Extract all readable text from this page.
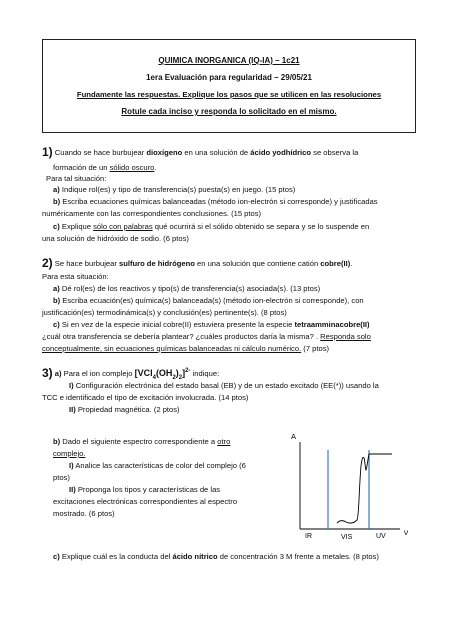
QUIMICA INORGANICA (IQ-IA) – 1c21
1era Evaluación para regularidad – 29/05/21
Fundamente las respuestas. Explique los pasos que se utilicen en las resoluciones
Rotule cada inciso y responda lo solicitado en el mismo.
1) Cuando se hace burbujear dioxígeno en una solución de ácido yodhídrico se observa la
formación de un sólido oscuro.
Para tal situación:
a) Indique rol(es) y tipo de transferencia(s) puesta(s) en juego. (15 ptos)
b) Escriba ecuaciones químicas balanceadas (método ion-electrón si corresponde) y justificadas
numéricamente con las correspondientes conclusiones. (15 ptos)
c) Explique sólo con palabras qué ocurrirá si el sólido obtenido se separa y se lo suspende en
una solución de hidróxido de sodio. (6 ptos)
2) Se hace burbujear sulfuro de hidrógeno en una solución que contiene catión cobre(II).
Para esta situación:
a) Dé rol(es) de los reactivos y tipo(s) de transferencia(s) asociada(s). (13 ptos)
b) Escriba ecuación(es) química(s) balanceada(s) (método ion-electrón si corresponde), con
justificación(es) termodinámica(s) y conclusión(es) pertinente(s). (8 ptos)
c) Si en vez de la especie inicial cobre(II) estuviera presente la especie tetraamminacobre(II)
¿cuál otra transferencia se debería plantear? ¿cuáles productos daría la misma? . Responda solo
conceptualmente, sin ecuaciones químicas balanceadas ni cálculo numérico. (7 ptos)
3) a) Para el ion complejo $[VCl_4(OH_2)_2]^{2-}$ indique:
I) Configuración electrónica del estado basal (EB) y de un estado excitado (EE(*)) usando la
TCC e identificado el tipo de excitación involucrada. (14 ptos)
II) Propiedad magnética. (2 ptos)
b) Dado el siguiente espectro correspondiente a otro
complejo.
I) Analice las características de color del complejo (6
ptos)
II) Proponga los tipos y características de las
excitaciones electrónicas correspondientes al espectro
mostrado. (6 ptos)
A
IR	VIS	UV ν
c) Explique cuál es la conducta del ácido nítrico de concentración 3 M frente a metales. (8 ptos)
